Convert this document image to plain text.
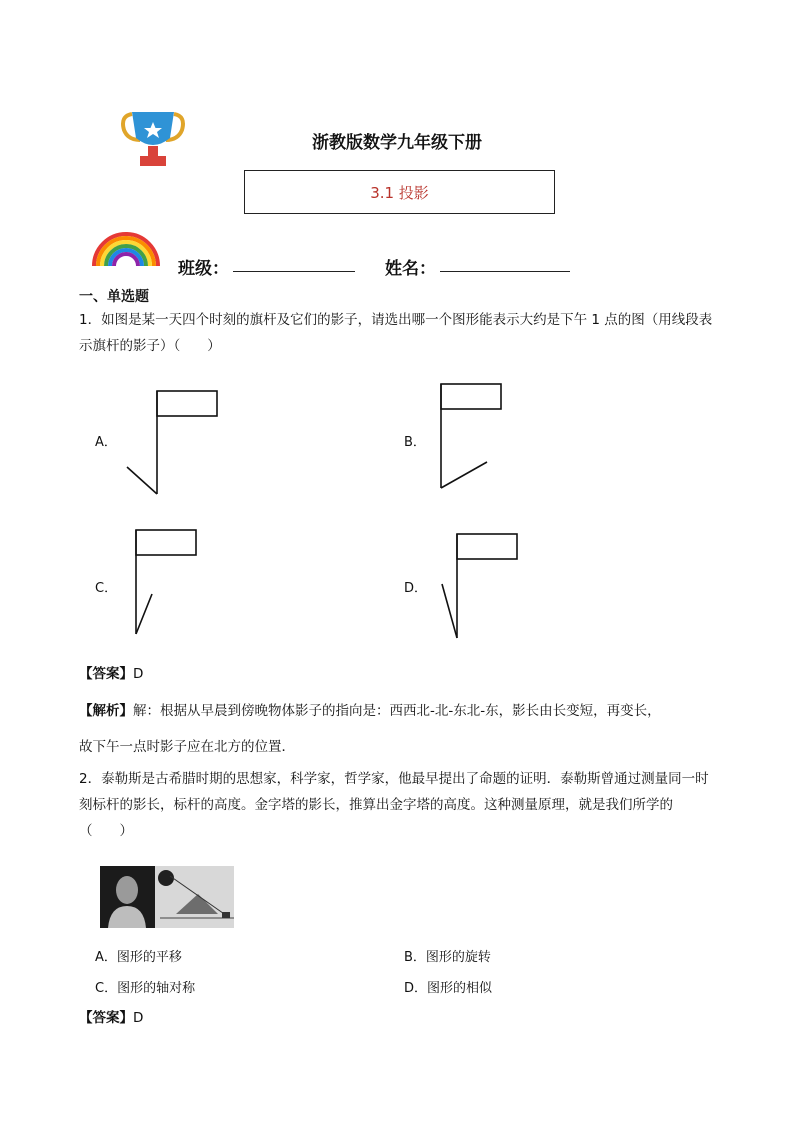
浙教版数学九年级下册
3.1 投影
班级：	姓名：
一、单选题
1．如图是某一天四个时刻的旗杆及它们的影子，请选出哪一个图形能表示大约是下午 1 点的图（用线段表示旗杆的影子）（　　）
A．	B．
C．	D．
【答案】D
【解析】解：根据从早晨到傍晚物体影子的指向是：西西北-北-东北-东，影长由长变短，再变长，
故下午一点时影子应在北方的位置．
2．泰勒斯是古希腊时期的思想家，科学家，哲学家，他最早提出了命题的证明．泰勒斯曾通过测量同一时刻标杆的影长，标杆的高度。金字塔的影长，推算出金字塔的高度。这种测量原理，就是我们所学的（　　）
A．图形的平移	B．图形的旋转
C．图形的轴对称	D．图形的相似
【答案】D
